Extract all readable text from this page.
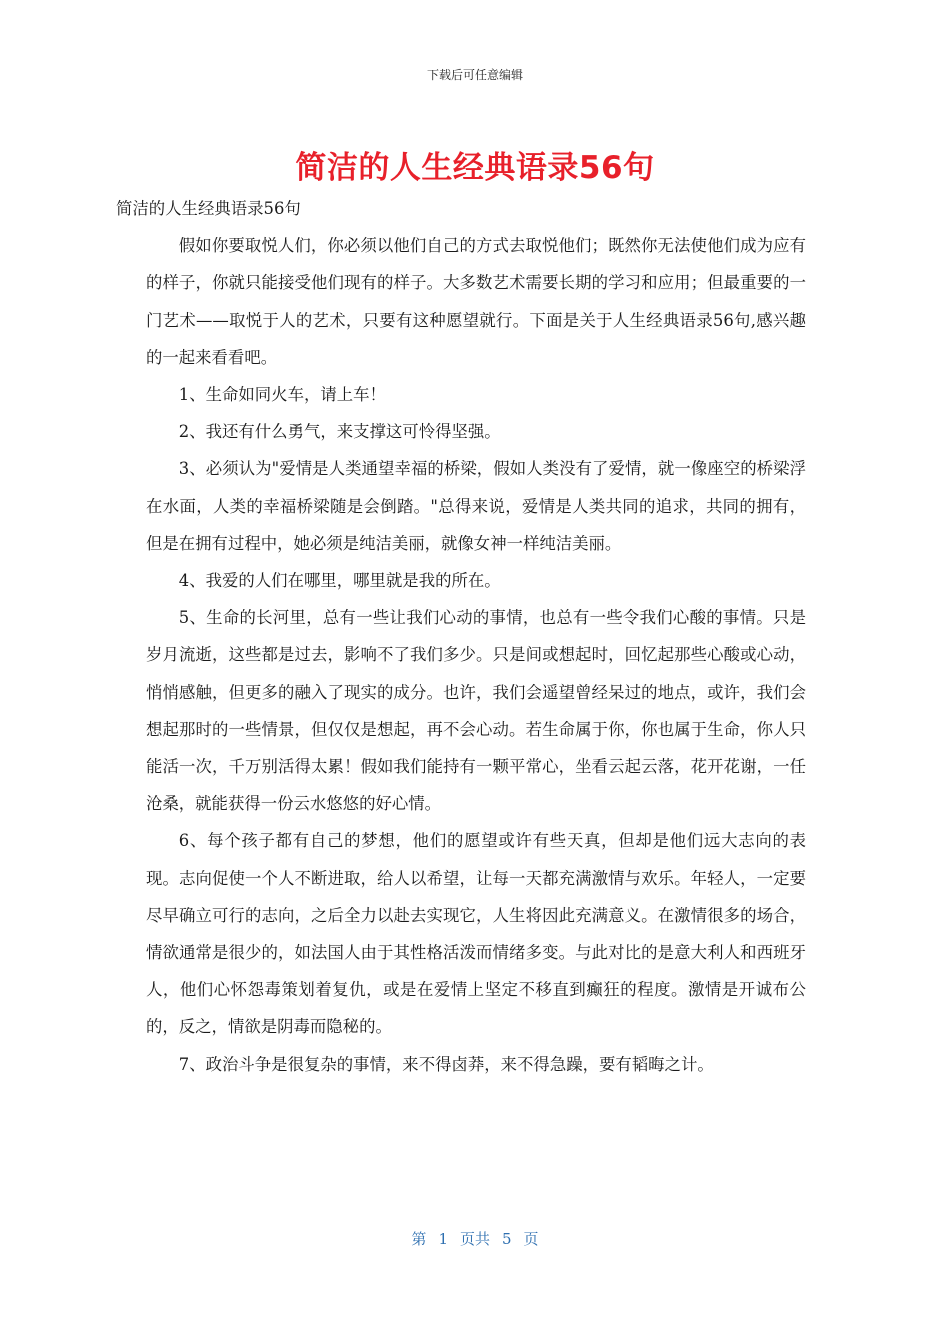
下载后可任意编辑
简洁的人生经典语录56句

简洁的人生经典语录56句

假如你要取悦人们，你必须以他们自己的方式去取悦他们；既然你无法使他们成为应有的样子，你就只能接受他们现有的样子。大多数艺术需要长期的学习和应用；但最重要的一门艺术——取悦于人的艺术，只要有这种愿望就行。下面是关于人生经典语录56句,感兴趣的一起来看看吧。

1、生命如同火车，请上车！

2、我还有什么勇气，来支撑这可怜得坚强。

3、必须认为"爱情是人类通望幸福的桥梁，假如人类没有了爱情，就一像座空的桥梁浮在水面，人类的幸福桥梁随是会倒踏。"总得来说，爱情是人类共同的追求，共同的拥有，但是在拥有过程中，她必须是纯洁美丽，就像女神一样纯洁美丽。

4、我爱的人们在哪里，哪里就是我的所在。

5、生命的长河里，总有一些让我们心动的事情，也总有一些令我们心酸的事情。只是岁月流逝，这些都是过去，影响不了我们多少。只是间或想起时，回忆起那些心酸或心动，悄悄感触，但更多的融入了现实的成分。也许，我们会遥望曾经呆过的地点，或许，我们会想起那时的一些情景，但仅仅是想起，再不会心动。若生命属于你，你也属于生命，你人只能活一次，千万别活得太累！假如我们能持有一颗平常心，坐看云起云落，花开花谢，一任沧桑，就能获得一份云水悠悠的好心情。

6、每个孩子都有自己的梦想，他们的愿望或许有些天真，但却是他们远大志向的表现。志向促使一个人不断进取，给人以希望，让每一天都充满激情与欢乐。年轻人，一定要尽早确立可行的志向，之后全力以赴去实现它，人生将因此充满意义。在激情很多的场合，情欲通常是很少的，如法国人由于其性格活泼而情绪多变。与此对比的是意大利人和西班牙人，他们心怀怨毒策划着复仇，或是在爱情上坚定不移直到癫狂的程度。激情是开诚布公的，反之，情欲是阴毒而隐秘的。

7、政治斗争是很复杂的事情，来不得卤莽，来不得急躁，要有韬晦之计。

第 1 页共 5 页
